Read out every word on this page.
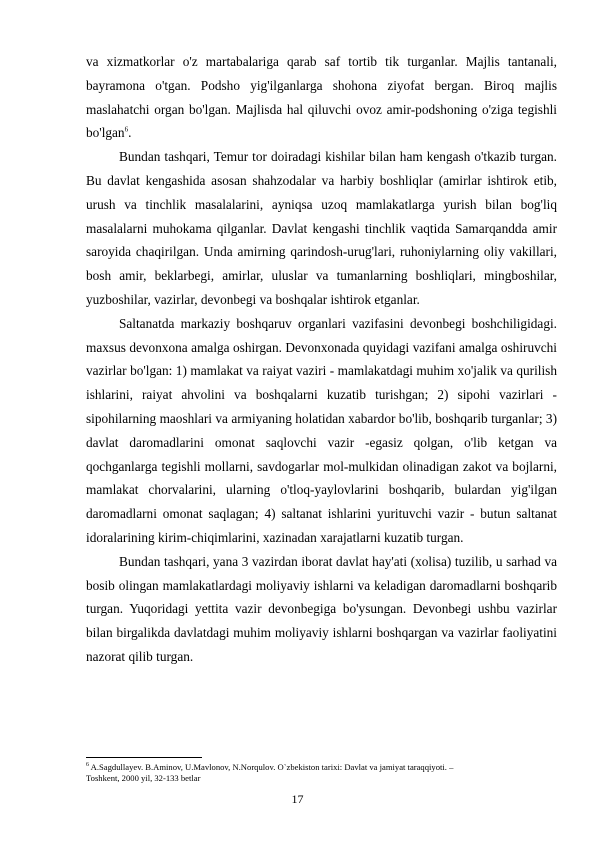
va xizmatkorlar o'z martabalariga qarab saf tortib tik turganlar. Majlis tantanali, bayramona o'tgan. Podsho yig'ilganlarga shohona ziyofat bergan. Biroq majlis maslahatchi organ bo'lgan. Majlisda hal qiluvchi ovoz amir-podshoning o'ziga tegishli bo'lgan$^6$.

Bundan tashqari, Temur tor doiradagi kishilar bilan ham kengash o'tkazib turgan. Bu davlat kengashida asosan shahzodalar va harbiy boshliqlar (amirlar ishtirok etib, urush va tinchlik masalalarini, ayniqsa uzoq mamlakatlarga yurish bilan bog'liq masalalarni muhokama qilganlar. Davlat kengashi tinchlik vaqtida Samarqandda amir saroyida chaqirilgan. Unda amirning qarindosh-urug'lari, ruhoniylarning oliy vakillari, bosh amir, beklarbegi, amirlar, uluslar va tumanlarning boshliqlari, mingboshilar, yuzboshilar, vazirlar, devonbegi va boshqalar ishtirok etganlar.

Saltanatda markaziy boshqaruv organlari vazifasini devonbegi boshchiligidagi. maxsus devonxona amalga oshirgan. Devonxonada quyidagi vazifani amalga oshiruvchi vazirlar bo'lgan: 1) mamlakat va raiyat vaziri - mamlakatdagi muhim xo'jalik va qurilish ishlarini, raiyat ahvolini va boshqalarni kuzatib turishgan; 2) sipohi vazirlari -sipohilarning maoshlari va armiyaning holatidan xabardor bo'lib, boshqarib turganlar; 3) davlat daromadlarini omonat saqlovchi vazir -egasiz qolgan, o'lib ketgan va qochganlarga tegishli mollarni, savdogarlar mol-mulkidan olinadigan zakot va bojlarni, mamlakat chorvalarini, ularning o'tloq-yaylovlarini boshqarib, bulardan yig'ilgan daromadlarni omonat saqlagan; 4) saltanat ishlarini yurituvchi vazir - butun saltanat idoralarining kirim-chiqimlarini, xazinadan xarajatlarni kuzatib turgan.

Bundan tashqari, yana 3 vazirdan iborat davlat hay'ati (xolisa) tuzilib, u sarhad va bosib olingan mamlakatlardagi moliyaviy ishlarni va keladigan daromadlarni boshqarib turgan. Yuqoridagi yettita vazir devonbegiga bo'ysungan. Devonbegi ushbu vazirlar bilan birgalikda davlatdagi muhim moliyaviy ishlarni boshqargan va vazirlar faoliyatini nazorat qilib turgan.

$^6$ A.Sagdullayev. B.Aminov, U.Mavlonov, N.Norqulov. O`zbekiston tarixi: Davlat va jamiyat taraqqiyoti. –
Toshkent, 2000 yil, 32-133 betlar
17
